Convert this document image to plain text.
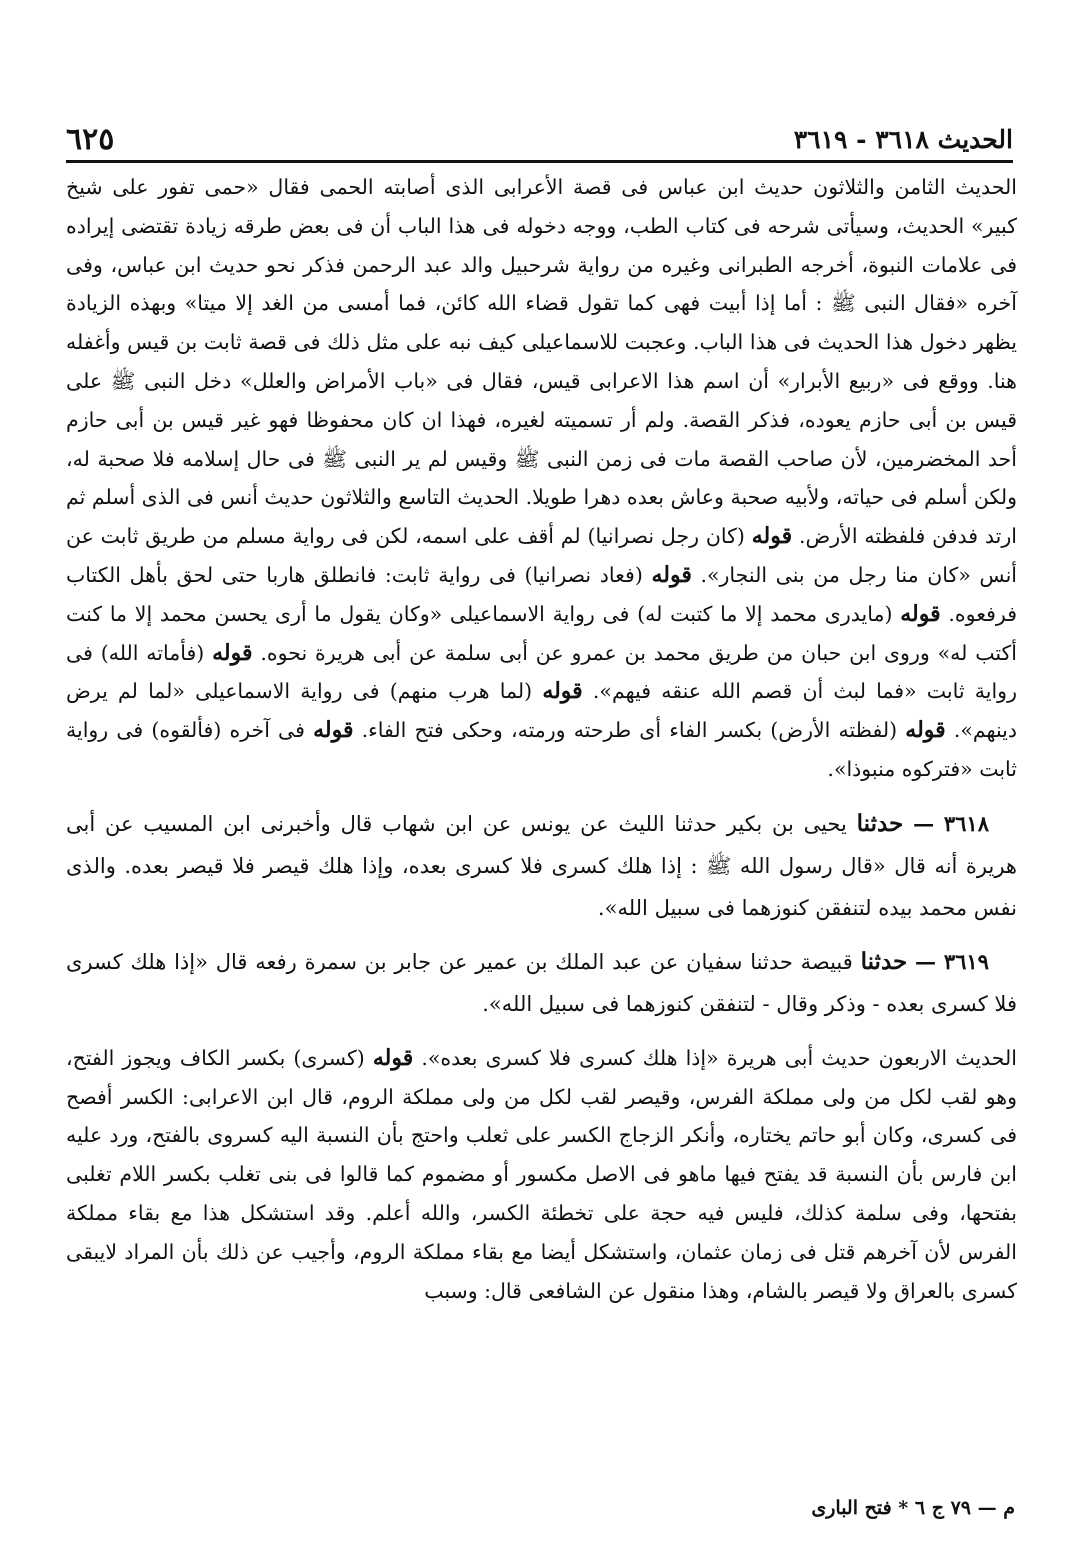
الحديث ٣٦١٨ - ٣٦١٩
٦٢٥

الحديث الثامن والثلاثون حديث ابن عباس فى قصة الأعرابى الذى أصابته الحمى فقال «حمى تفور على شيخ كبير» الحديث، وسيأتى شرحه فى كتاب الطب، ووجه دخوله فى هذا الباب أن فى بعض طرقه زيادة تقتضى إيراده فى علامات النبوة، أخرجه الطبرانى وغيره من رواية شرحبيل والد عبد الرحمن فذكر نحو حديث ابن عباس، وفى آخره «فقال النبى ﷺ : أما إذا أبيت فهى كما تقول قضاء الله كائن، فما أمسى من الغد إلا ميتا» وبهذه الزيادة يظهر دخول هذا الحديث فى هذا الباب. وعجبت للاسماعيلى كيف نبه على مثل ذلك فى قصة ثابت بن قيس وأغفله هنا. ووقع فى «ربيع الأبرار» أن اسم هذا الاعرابى قيس، فقال فى «باب الأمراض والعلل» دخل النبى ﷺ على قيس بن أبى حازم يعوده، فذكر القصة. ولم أر تسميته لغيره، فهذا ان كان محفوظا فهو غير قيس بن أبى حازم أحد المخضرمين، لأن صاحب القصة مات فى زمن النبى ﷺ وقيس لم ير النبى ﷺ فى حال إسلامه فلا صحبة له، ولكن أسلم فى حياته، ولأبيه صحبة وعاش بعده دهرا طويلا. الحديث التاسع والثلاثون حديث أنس فى الذى أسلم ثم ارتد فدفن فلفظته الأرض. قوله (كان رجل نصرانيا) لم أقف على اسمه، لكن فى رواية مسلم من طريق ثابت عن أنس «كان منا رجل من بنى النجار». قوله (فعاد نصرانيا) فى رواية ثابت: فانطلق هاربا حتى لحق بأهل الكتاب فرفعوه. قوله (مايدرى محمد إلا ما كتبت له) فى رواية الاسماعيلى «وكان يقول ما أرى يحسن محمد إلا ما كنت أكتب له» وروى ابن حبان من طريق محمد بن عمرو عن أبى سلمة عن أبى هريرة نحوه. قوله (فأماته الله) فى رواية ثابت «فما لبث أن قصم الله عنقه فيهم». قوله (لما هرب منهم) فى رواية الاسماعيلى «لما لم يرض دينهم». قوله (لفظته الأرض) بكسر الفاء أى طرحته ورمته، وحكى فتح الفاء. قوله فى آخره (فألقوه) فى رواية ثابت «فتركوه منبوذا».

٣٦١٨ — حدثنا يحيى بن بكير حدثنا الليث عن يونس عن ابن شهاب قال وأخبرنى ابن المسيب عن أبى هريرة أنه قال «قال رسول الله ﷺ : إذا هلك كسرى فلا كسرى بعده، وإذا هلك قيصر فلا قيصر بعده. والذى نفس محمد بيده لتنفقن كنوزهما فى سبيل الله».

٣٦١٩ — حدثنا قبيصة حدثنا سفيان عن عبد الملك بن عمير عن جابر بن سمرة رفعه قال «إذا هلك كسرى فلا كسرى بعده - وذكر وقال - لتنفقن كنوزهما فى سبيل الله».

الحديث الاربعون حديث أبى هريرة «إذا هلك كسرى فلا كسرى بعده». قوله (كسرى) بكسر الكاف ويجوز الفتح، وهو لقب لكل من ولى مملكة الفرس، وقيصر لقب لكل من ولى مملكة الروم، قال ابن الاعرابى: الكسر أفصح فى كسرى، وكان أبو حاتم يختاره، وأنكر الزجاج الكسر على ثعلب واحتج بأن النسبة اليه كسروى بالفتح، ورد عليه ابن فارس بأن النسبة قد يفتح فيها ماهو فى الاصل مكسور أو مضموم كما قالوا فى بنى تغلب بكسر اللام تغلبى بفتحها، وفى سلمة كذلك، فليس فيه حجة على تخطئة الكسر، والله أعلم. وقد استشكل هذا مع بقاء مملكة الفرس لأن آخرهم قتل فى زمان عثمان، واستشكل أيضا مع بقاء مملكة الروم، وأجيب عن ذلك بأن المراد لايبقى كسرى بالعراق ولا قيصر بالشام، وهذا منقول عن الشافعى قال: وسبب

م — ٧٩ ج ٦ * فتح البارى
